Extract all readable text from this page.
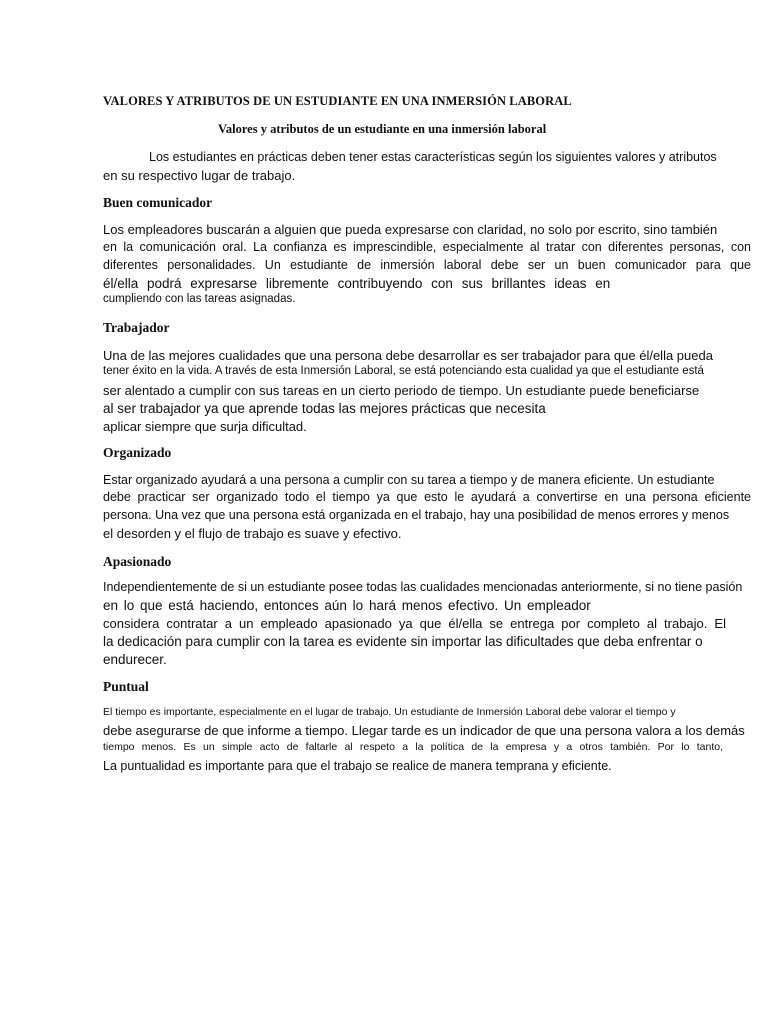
VALORES Y ATRIBUTOS DE UN ESTUDIANTE EN UNA INMERSIÓN LABORAL
Valores y atributos de un estudiante en una inmersión laboral
Los estudiantes en prácticas deben tener estas características según los siguientes valores y atributos
en su respectivo lugar de trabajo.
Buen comunicador
Los empleadores buscarán a alguien que pueda expresarse con claridad, no solo por escrito, sino también
en la comunicación oral. La confianza es imprescindible, especialmente al tratar con diferentes personas, con
diferentes personalidades. Un estudiante de inmersión laboral debe ser un buen comunicador para que
él/ella podrá expresarse libremente contribuyendo con sus brillantes ideas en
cumpliendo con las tareas asignadas.
Trabajador
Una de las mejores cualidades que una persona debe desarrollar es ser trabajador para que él/ella pueda
tener éxito en la vida. A través de esta Inmersión Laboral, se está potenciando esta cualidad ya que el estudiante está
ser alentado a cumplir con sus tareas en un cierto periodo de tiempo. Un estudiante puede beneficiarse
al ser trabajador ya que aprende todas las mejores prácticas que necesita
aplicar siempre que surja dificultad.
Organizado
Estar organizado ayudará a una persona a cumplir con su tarea a tiempo y de manera eficiente. Un estudiante
debe practicar ser organizado todo el tiempo ya que esto le ayudará a convertirse en una persona eficiente
persona. Una vez que una persona está organizada en el trabajo, hay una posibilidad de menos errores y menos
el desorden y el flujo de trabajo es suave y efectivo.
Apasionado
Independientemente de si un estudiante posee todas las cualidades mencionadas anteriormente, si no tiene pasión
en lo que está haciendo, entonces aún lo hará menos efectivo. Un empleador
considera contratar a un empleado apasionado ya que él/ella se entrega por completo al trabajo. El
la dedicación para cumplir con la tarea es evidente sin importar las dificultades que deba enfrentar o
endurecer.
Puntual
El tiempo es importante, especialmente en el lugar de trabajo. Un estudiante de Inmersión Laboral debe valorar el tiempo y
debe asegurarse de que informe a tiempo. Llegar tarde es un indicador de que una persona valora a los demás
tiempo menos. Es un simple acto de faltarle al respeto a la política de la empresa y a otros también. Por lo tanto,
La puntualidad es importante para que el trabajo se realice de manera temprana y eficiente.
